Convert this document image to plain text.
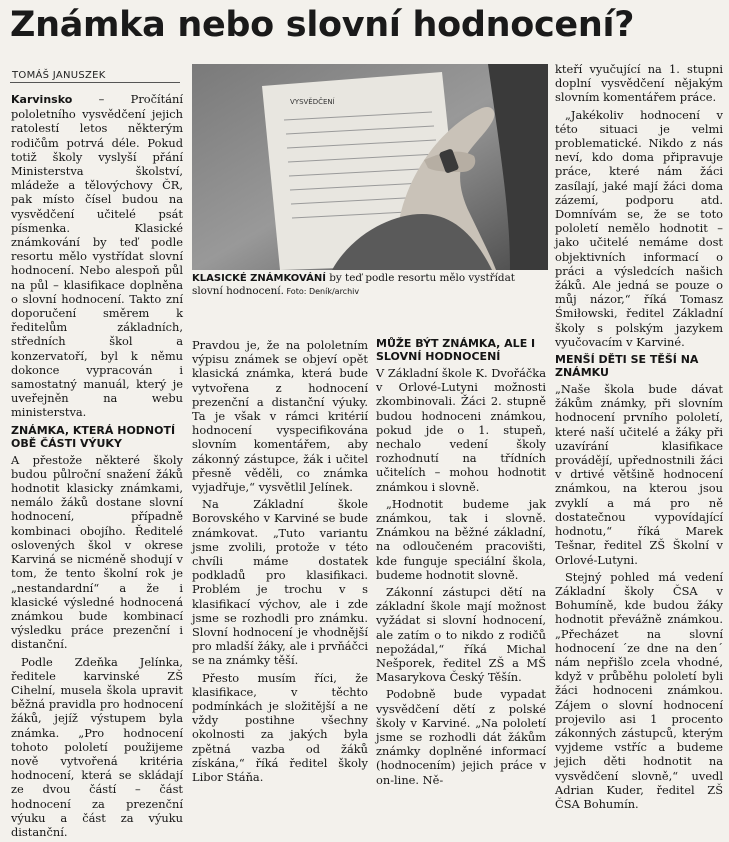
Známka nebo slovní hodnocení?
TOMÁŠ JANUSZEK

Karvinsko – Pročítání pololetního vysvědčení jejich ratolestí letos některým rodičům potrvá déle. Pokud totiž školy vyslyší přání Ministerstva školství, mládeže a tělovýchovy ČR, pak místo čísel budou na vysvědčení učitelé psát písmenka. Klasické známkování by teď podle resortu mělo vystřídat slovní hodnocení. Nebo alespoň půl na půl – klasifikace doplněna o slovní hodnocení. Takto zní doporučení směrem k ředitelům základních, středních škol a konzervatoří, byl k němu dokonce vypracován i samostatný manuál, který je uveřejněn na webu ministerstva.

ZNÁMKA, KTERÁ HODNOTÍ OBĚ ČÁSTI VÝUKY

A přestože některé školy budou půlroční snažení žáků hodnotit klasicky známkami, nemálo žáků dostane slovní hodnocení, případně kombinaci obojího. Ředitelé oslovených škol v okrese Karviná se nicméně shodují v tom, že tento školní rok je „nestandardní“ a že i klasické výsledné hodnocená známkou bude kombinací výsledku práce prezenční i distanční.

Podle Zdeňka Jelínka, ředitele karvinské ZŠ Cihelní, musela škola upravit běžná pravidla pro hodnocení žáků, jejíž výstupem byla známka. „Pro hodnocení tohoto pololetí použijeme nově vytvořená kritéria hodnocení, která se skládají ze dvou částí – část hodnocení za prezenční výuku a část za výuku distanční.

VYSVĚDČENÍ
KLASICKÉ ZNÁMKOVÁNÍ by teď podle resortu mělo vystřídat slovní hodnocení. Foto: Deník/archiv

Pravdou je, že na pololetním výpisu známek se objeví opět klasická známka, která bude vytvořena z hodnocení prezenční a distanční výuky. Ta je však v rámci kritérií hodnocení vyspecifikována slovním komentářem, aby zákonný zástupce, žák i učitel přesně věděli, co známka vyjadřuje,“ vysvětlil Jelínek.

Na Základní škole Borovského v Karviné se bude známkovat. „Tuto variantu jsme zvolili, protože v této chvíli máme dostatek podkladů pro klasifikaci. Problém je trochu v s klasifikací výchov, ale i zde jsme se rozhodli pro známku. Slovní hodnocení je vhodnější pro mladší žáky, ale i prvňáčci se na známky těší.

Přesto musím říci, že klasifikace, v těchto podmínkách je složitější a ne vždy postihne všechny okolnosti za jakých byla zpětná vazba od žáků získána,“ říká ředitel školy Libor Stáňa.

MŮŽE BÝT ZNÁMKA, ALE I SLOVNÍ HODNOCENÍ

V Základní škole K. Dvořáčka v Orlové-Lutyni možnosti zkombinovali. Žáci 2. stupně budou hodnoceni známkou, pokud jde o 1. stupeň, nechalo vedení školy rozhodnutí na třídních učitelích – mohou hodnotit známkou i slovně.

„Hodnotit budeme jak známkou, tak i slovně. Známkou na běžné základní, na odloučeném pracovišti, kde funguje speciální škola, budeme hodnotit slovně.

Zákonní zástupci dětí na základní škole mají možnost vyžádat si slovní hodnocení, ale zatím o to nikdo z rodičů nepožádal,“ říká Michal Nešporek, ředitel ZŠ a MŠ Masarykova Český Těšín.

Podobně bude vypadat vysvědčení dětí z polské školy v Karviné. „Na pololetí jsme se rozhodli dát žákům známky doplněné informací (hodnocením) jejich práce v on-line. Ně-

kteří vyučující na 1. stupni doplní vysvědčení nějakým slovním komentářem práce.

„Jakékoliv hodnocení v této situaci je velmi problematické. Nikdo z nás neví, kdo doma připravuje práce, které nám žáci zasílají, jaké mají žáci doma zázemí, podporu atd. Domnívám se, že se toto pololetí nemělo hodnotit – jako učitelé nemáme dost objektivních informací o práci a výsledcích našich žáků. Ale jedná se pouze o můj názor,“ říká Tomasz Śmiłowski, ředitel Základní školy s polským jazykem vyučovacím v Karviné.

MENŠÍ DĚTI SE TĚŠÍ NA ZNÁMKU

„Naše škola bude dávat žákům známky, při slovním hodnocení prvního pololetí, které naší učitelé a žáky při uzavírání klasifikace provádějí, upřednostnili žáci v drtivé většině hodnocení známkou, na kterou jsou zvyklí a má pro ně dostatečnou vypovídající hodnotu,“ říká Marek Tešnar, ředitel ZŠ Školní v Orlové-Lutyni.

Stejný pohled má vedení Základní školy ČSA v Bohumíně, kde budou žáky hodnotit převážně známkou. „Přecházet na slovní hodnocení ´ze dne na den´ nám nepřišlo zcela vhodné, když v průběhu pololetí byli žáci hodnoceni známkou. Zájem o slovní hodnocení projevilo asi 1 procento zákonných zástupců, kterým vyjdeme vstříc a budeme jejich děti hodnotit na vysvědčení slovně,“ uvedl Adrian Kuder, ředitel ZŠ ČSA Bohumín.
